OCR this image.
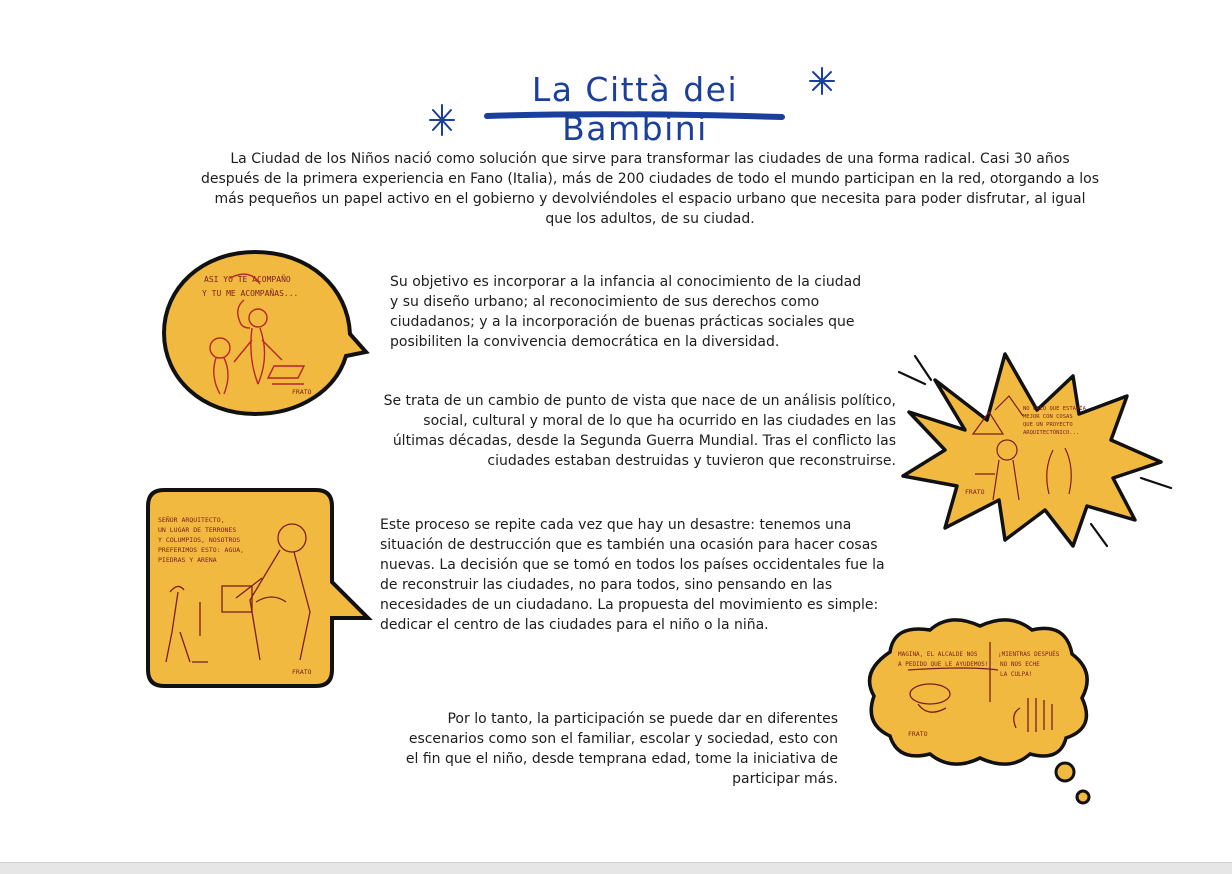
La Città dei Bambini
La Ciudad de los Niños nació como solución que sirve para transformar las ciudades de una forma radical. Casi 30 años después de la primera experiencia en Fano (Italia), más de 200 ciudades de todo el mundo participan en la red, otorgando a los más pequeños un papel activo en el gobierno y devolviéndoles el espacio urbano que necesita para poder disfrutar, al igual que los adultos, de su ciudad.
Su objetivo es incorporar a la infancia al conocimiento de la ciudad y su diseño urbano; al reconocimiento de sus derechos como ciudadanos; y a la incorporación de buenas prácticas sociales que posibiliten la convivencia democrática en la diversidad.
Se trata de un cambio de punto de vista que nace de un análisis político, social, cultural y moral de lo que ha ocurrido en las ciudades en las últimas décadas, desde la Segunda Guerra Mundial. Tras el conflicto las ciudades estaban destruidas y tuvieron que reconstruirse.
Este proceso se repite cada vez que hay un desastre: tenemos una situación de destrucción que es también una ocasión para hacer cosas nuevas. La decisión que se tomó en todos los países occidentales fue la de reconstruir las ciudades, no para todos, sino pensando en las necesidades de un ciudadano. La propuesta del movimiento es simple: dedicar el centro de las ciudades para el niño o la niña.
Por lo tanto, la participación se puede dar en diferentes escenarios como son el familiar, escolar y sociedad, esto con el fin que el niño, desde temprana edad, tome la iniciativa de participar más.
ASI YO TE ACOMPAÑO
Y TU ME ACOMPAÑAS...
FRATO
SEÑOR ARQUITECTO,
UN LUGAR DE TERRONES
Y COLUMPIOS, NOSOTROS
PREFERIMOS ESTO: AGUA,
PIEDRAS Y ARENA
FRATO
NO CREO QUE ESTARÍA
MEJOR CON COSAS
QUE UN PROYECTO
ARQUITECTÓNICO...
FRATO
MAGINA, EL ALCALDE NOS
A PEDIDO QUE LE AYUDEMOS!
¡MIENTRAS DESPUÉS
NO NOS ECHE
LA CULPA!
FRATO
